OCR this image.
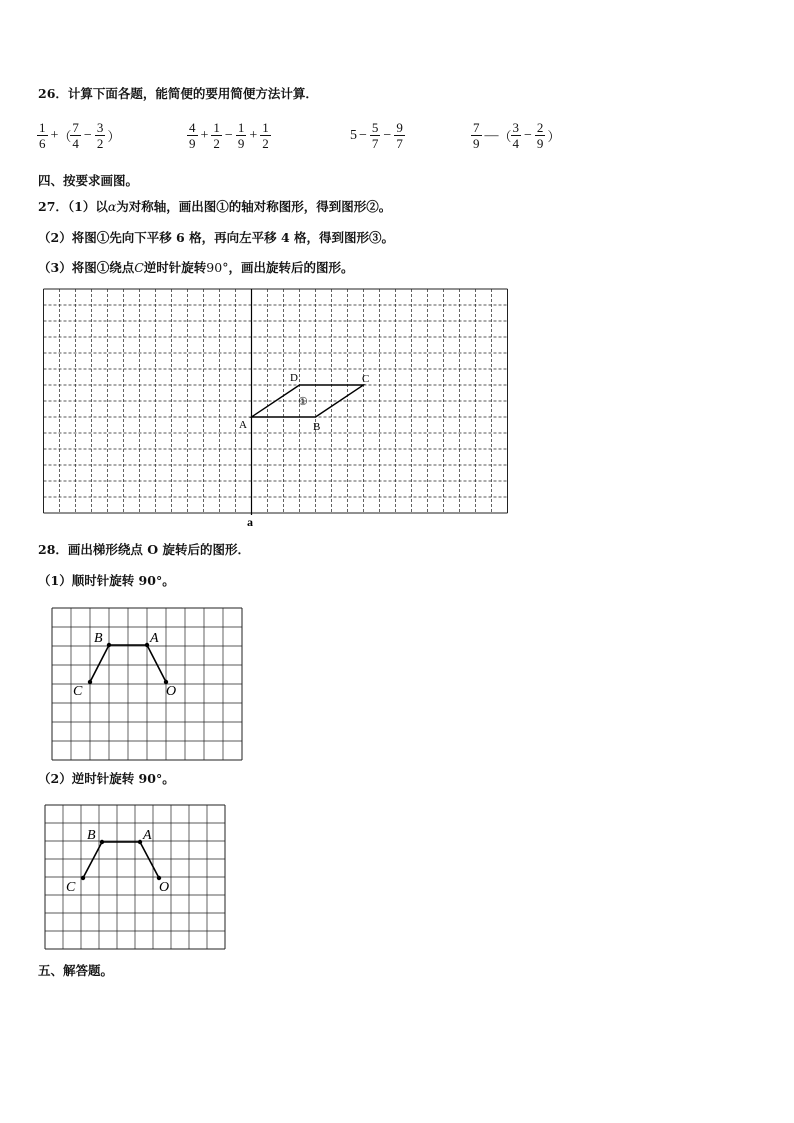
26．计算下面各题，能简便的要用简便方法计算．
$\frac{1}{6}$ + （ $\frac{7}{4} - \frac{3}{2}$ ）	$\frac{4}{9} + \frac{1}{2} - \frac{1}{9} + \frac{1}{2}$	$5 - \frac{5}{7} - \frac{9}{7}$	$\frac{7}{9}$ — （ $\frac{3}{4} - \frac{2}{9}$ ）
四、按要求画图。
27．（1）以α为对称轴，画出图①的轴对称图形，得到图形②。
（2）将图①先向下平移 6 格，再向左平移 4 格，得到图形③。
（3）将图①绕点C逆时针旋转90°，画出旋转后的图形。
A	B
C
D
①
a
28．画出梯形绕点 O 旋转后的图形．
（1）顺时针旋转 90°。
B	A
C	O
（2）逆时针旋转 90°。
B	A
C	O
五、解答题。
